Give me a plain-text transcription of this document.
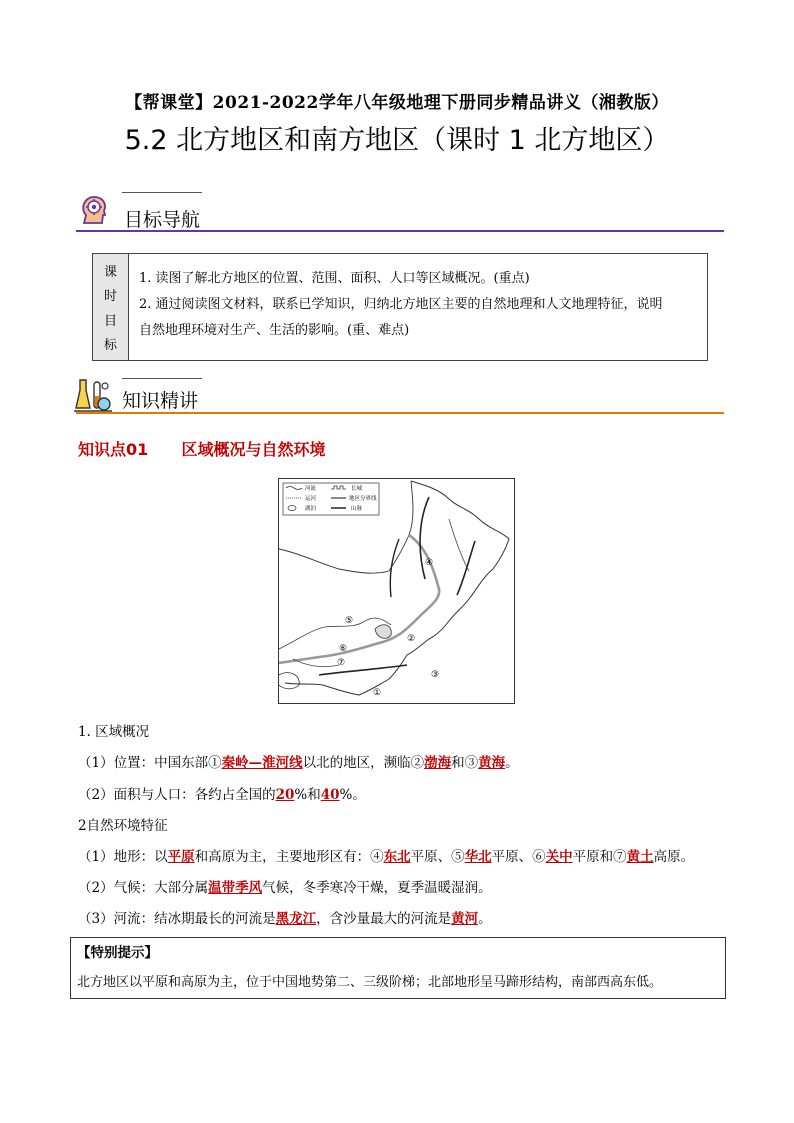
【帮课堂】2021-2022学年八年级地理下册同步精品讲义（湘教版）
5.2 北方地区和南方地区（课时 1 北方地区）
目标导航
课
时
目
标
1. 读图了解北方地区的位置、范围、面积、人口等区域概况。(重点)
2. 通过阅读图文材料，联系已学知识，归纳北方地区主要的自然地理和人文地理特征，说明
自然地理环境对生产、生活的影响。(重、难点)
知识精讲
知识点01 区域概况与自然环境
河流	长城
运河	地区分界线
湖泊	山脉
①
②
③
④
⑤
⑥
⑦
1. 区域概况
（1）位置：中国东部①秦岭—淮河线以北的地区，濒临②渤海和③黄海。
（2）面积与人口：各约占全国的20%和40%。
2自然环境特征
（1）地形：以平原和高原为主，主要地形区有：④东北平原、⑤华北平原、⑥关中平原和⑦黄土高原。
（2）气候：大部分属温带季风气候，冬季寒冷干燥，夏季温暖湿润。
（3）河流：结冰期最长的河流是黑龙江，含沙量最大的河流是黄河。
【特别提示】
北方地区以平原和高原为主，位于中国地势第二、三级阶梯；北部地形呈马蹄形结构，南部西高东低。
